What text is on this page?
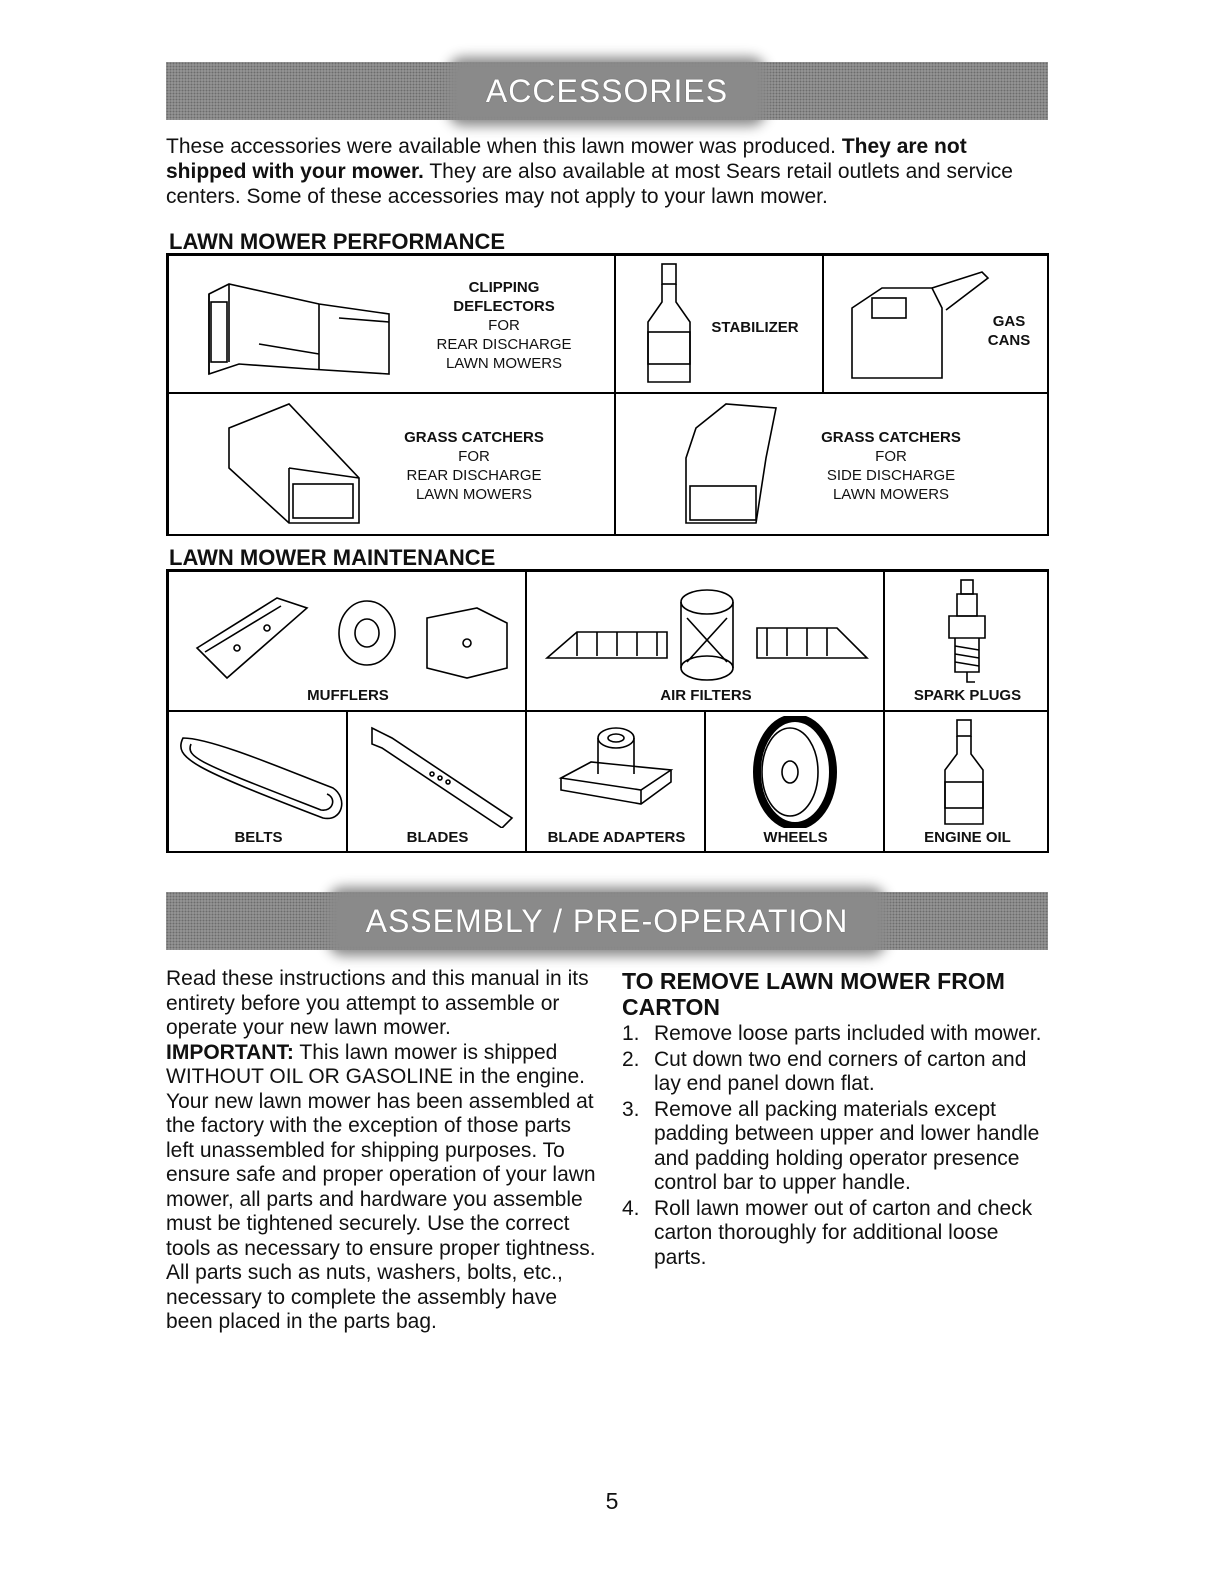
ACCESSORIES
These accessories were available when this lawn mower was produced. They are not shipped with your mower. They are also available at most Sears retail outlets and service centers. Some of these accessories may not apply to your lawn mower.
LAWN MOWER PERFORMANCE
CLIPPING
DEFLECTORS
FOR
REAR DISCHARGE
LAWN MOWERS
STABILIZER	GAS
CANS
GRASS CATCHERS
FOR
REAR DISCHARGE
LAWN MOWERS
GRASS CATCHERS
FOR
SIDE DISCHARGE
LAWN MOWERS
LAWN MOWER MAINTENANCE
MUFFLERS	AIR FILTERS	SPARK PLUGS
BELTS	BLADES	BLADE ADAPTERS	WHEELS	ENGINE OIL
ASSEMBLY / PRE-OPERATION

Read these instructions and this manual in its entirety before you attempt to assemble or operate your new lawn mower.

IMPORTANT: This lawn mower is shipped WITHOUT OIL OR GASOLINE in the engine.

Your new lawn mower has been assembled at the factory with the exception of those parts left unassembled for shipping purposes. To ensure safe and proper operation of your lawn mower, all parts and hardware you assemble must be tightened securely. Use the correct tools as necessary to ensure proper tightness. All parts such as nuts, washers, bolts, etc., necessary to complete the assembly have been placed in the parts bag.

TO REMOVE LAWN MOWER FROM CARTON
1. Remove loose parts included with mower.
2. Cut down two end corners of carton and lay end panel down flat.
3. Remove all packing materials except padding between upper and lower handle and padding holding operator presence control bar to upper handle.
4. Roll lawn mower out of carton and check carton thoroughly for additional loose parts.
5
